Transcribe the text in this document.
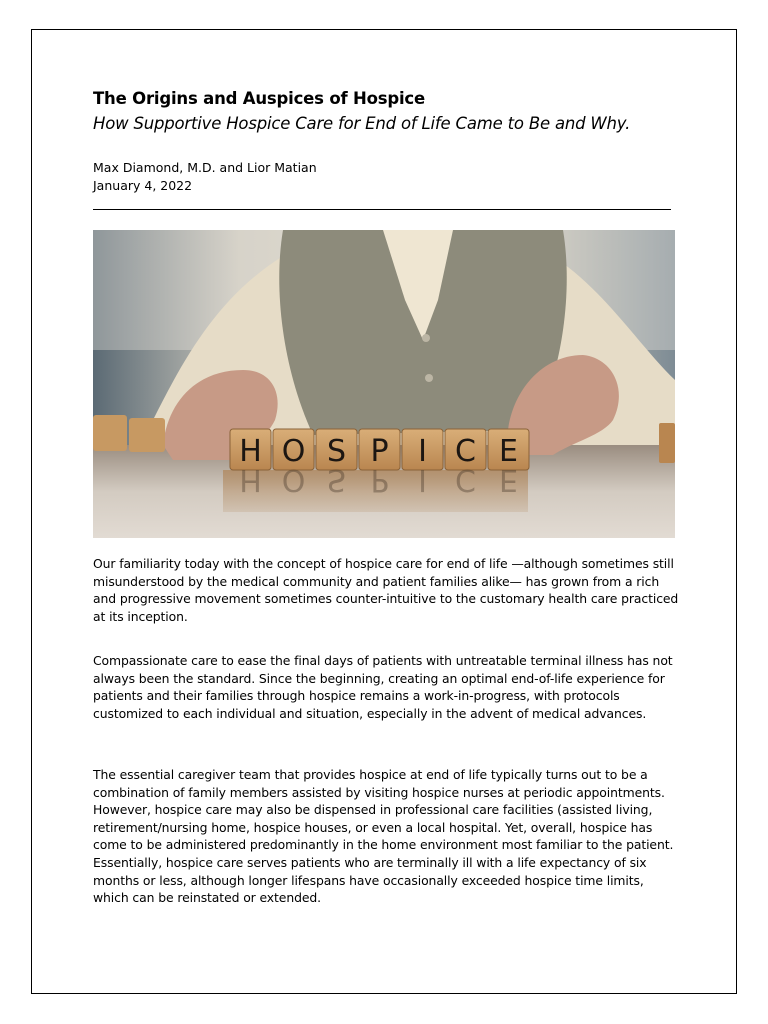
The Origins and Auspices of Hospice
How Supportive Hospice Care for End of Life Came to Be and Why.
Max Diamond, M.D. and Lior Matian
January 4, 2022
H
H
O
O
S
S
P
P
I
I
C
C
E
E

Our familiarity today with the concept of hospice care for end of life —although sometimes still misunderstood by the medical community and patient families alike— has grown from a rich and progressive movement sometimes counter-intuitive to the customary health care practiced at its inception.

Compassionate care to ease the final days of patients with untreatable terminal illness has not always been the standard. Since the beginning, creating an optimal end-of-life experience for patients and their families through hospice remains a work-in-progress, with protocols customized to each individual and situation, especially in the advent of medical advances.

The essential caregiver team that provides hospice at end of life typically turns out to be a combination of family members assisted by visiting hospice nurses at periodic appointments. However, hospice care may also be dispensed in professional care facilities (assisted living, retirement/nursing home, hospice houses, or even a local hospital. Yet, overall, hospice has come to be administered predominantly in the home environment most familiar to the patient. Essentially, hospice care serves patients who are terminally ill with a life expectancy of six months or less, although longer lifespans have occasionally exceeded hospice time limits, which can be reinstated or extended.
